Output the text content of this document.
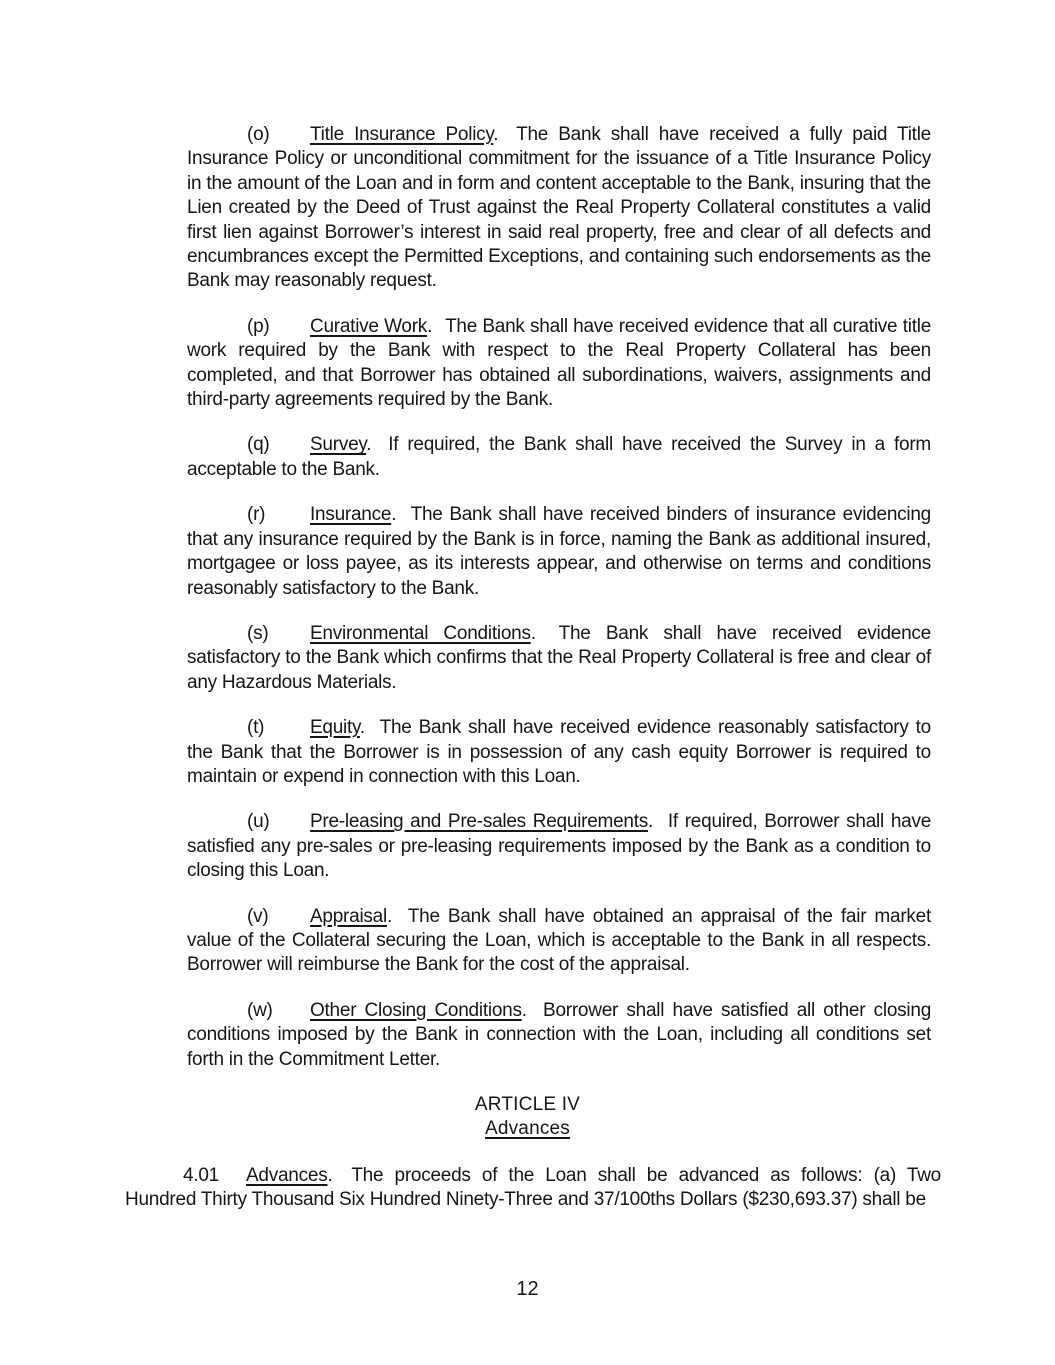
(o) Title Insurance Policy. The Bank shall have received a fully paid Title Insurance Policy or unconditional commitment for the issuance of a Title Insurance Policy in the amount of the Loan and in form and content acceptable to the Bank, insuring that the Lien created by the Deed of Trust against the Real Property Collateral constitutes a valid first lien against Borrower’s interest in said real property, free and clear of all defects and encumbrances except the Permitted Exceptions, and containing such endorsements as the Bank may reasonably request.

(p) Curative Work. The Bank shall have received evidence that all curative title work required by the Bank with respect to the Real Property Collateral has been completed, and that Borrower has obtained all subordinations, waivers, assignments and third-party agreements required by the Bank.

(q) Survey. If required, the Bank shall have received the Survey in a form acceptable to the Bank.

(r) Insurance. The Bank shall have received binders of insurance evidencing that any insurance required by the Bank is in force, naming the Bank as additional insured, mortgagee or loss payee, as its interests appear, and otherwise on terms and conditions reasonably satisfactory to the Bank.

(s) Environmental Conditions. The Bank shall have received evidence satisfactory to the Bank which confirms that the Real Property Collateral is free and clear of any Hazardous Materials.

(t) Equity. The Bank shall have received evidence reasonably satisfactory to the Bank that the Borrower is in possession of any cash equity Borrower is required to maintain or expend in connection with this Loan.

(u) Pre-leasing and Pre-sales Requirements. If required, Borrower shall have satisfied any pre-sales or pre-leasing requirements imposed by the Bank as a condition to closing this Loan.

(v) Appraisal. The Bank shall have obtained an appraisal of the fair market value of the Collateral securing the Loan, which is acceptable to the Bank in all respects. Borrower will reimburse the Bank for the cost of the appraisal.

(w) Other Closing Conditions. Borrower shall have satisfied all other closing conditions imposed by the Bank in connection with the Loan, including all conditions set forth in the Commitment Letter.

ARTICLE IV
Advances

4.01 Advances. The proceeds of the Loan shall be advanced as follows: (a) Two Hundred Thirty Thousand Six Hundred Ninety-Three and 37/100ths Dollars ($230,693.37) shall be

12
